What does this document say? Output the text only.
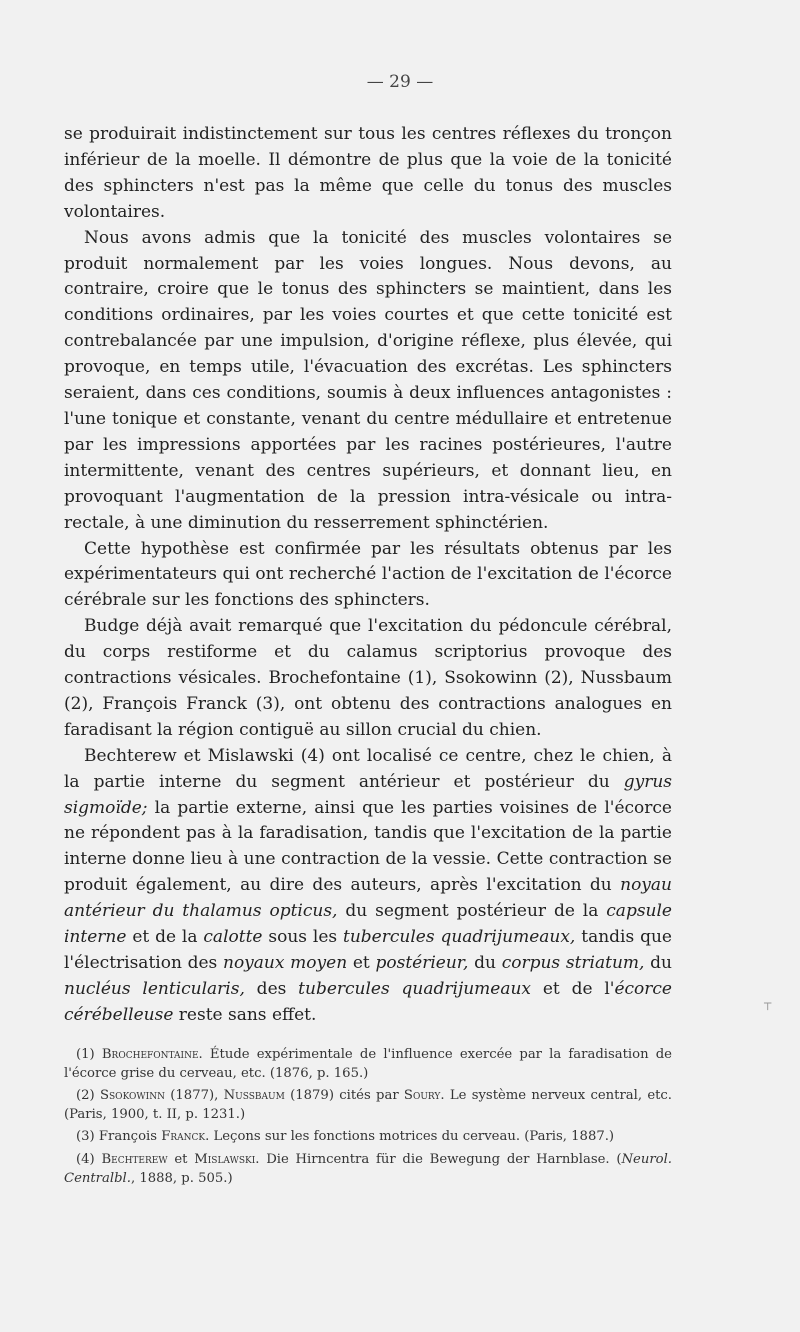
— 29 —

se produirait indistinctement sur tous les centres réflexes du tronçon inférieur de la moelle. Il démontre de plus que la voie de la tonicité des sphincters n'est pas la même que celle du tonus des muscles volontaires.

Nous avons admis que la tonicité des muscles volontaires se produit normalement par les voies longues. Nous devons, au contraire, croire que le tonus des sphincters se maintient, dans les conditions ordinaires, par les voies courtes et que cette tonicité est contrebalancée par une impulsion, d'origine réflexe, plus élevée, qui provoque, en temps utile, l'évacuation des excrétas. Les sphincters seraient, dans ces conditions, soumis à deux influences antagonistes : l'une tonique et constante, venant du centre médullaire et entretenue par les impressions apportées par les racines postérieures, l'autre intermittente, venant des centres supérieurs, et donnant lieu, en provoquant l'augmentation de la pression intra-vésicale ou intra-rectale, à une diminution du resserrement sphinctérien.

Cette hypothèse est confirmée par les résultats obtenus par les expérimentateurs qui ont recherché l'action de l'excitation de l'écorce cérébrale sur les fonctions des sphincters.

Budge déjà avait remarqué que l'excitation du pédoncule cérébral, du corps restiforme et du calamus scriptorius provoque des contractions vésicales. Brochefontaine (1), Ssokowinn (2), Nussbaum (2), François Franck (3), ont obtenu des contractions analogues en faradisant la région contiguë au sillon crucial du chien.

Bechterew et Mislawski (4) ont localisé ce centre, chez le chien, à la partie interne du segment antérieur et postérieur du gyrus sigmoïde; la partie externe, ainsi que les parties voisines de l'écorce ne répondent pas à la faradisation, tandis que l'excitation de la partie interne donne lieu à une contraction de la vessie. Cette contraction se produit également, au dire des auteurs, après l'excitation du noyau antérieur du thalamus opticus, du segment postérieur de la capsule interne et de la calotte sous les tubercules quadrijumeaux, tandis que l'électrisation des noyaux moyen et postérieur, du corpus striatum, du nucléus lenticularis, des tubercules quadrijumeaux et de l'écorce cérébelleuse reste sans effet.

┬

(1) Brochefontaine. Étude expérimentale de l'influence exercée par la faradisation de l'écorce grise du cerveau, etc. (1876, p. 165.)

(2) Ssokowinn (1877), Nussbaum (1879) cités par Soury. Le système nerveux central, etc. (Paris, 1900, t. II, p. 1231.)

(3) François Franck. Leçons sur les fonctions motrices du cerveau. (Paris, 1887.)

(4) Bechterew et Mislawski. Die Hirncentra für die Bewegung der Harnblase. (Neurol. Centralbl., 1888, p. 505.)
